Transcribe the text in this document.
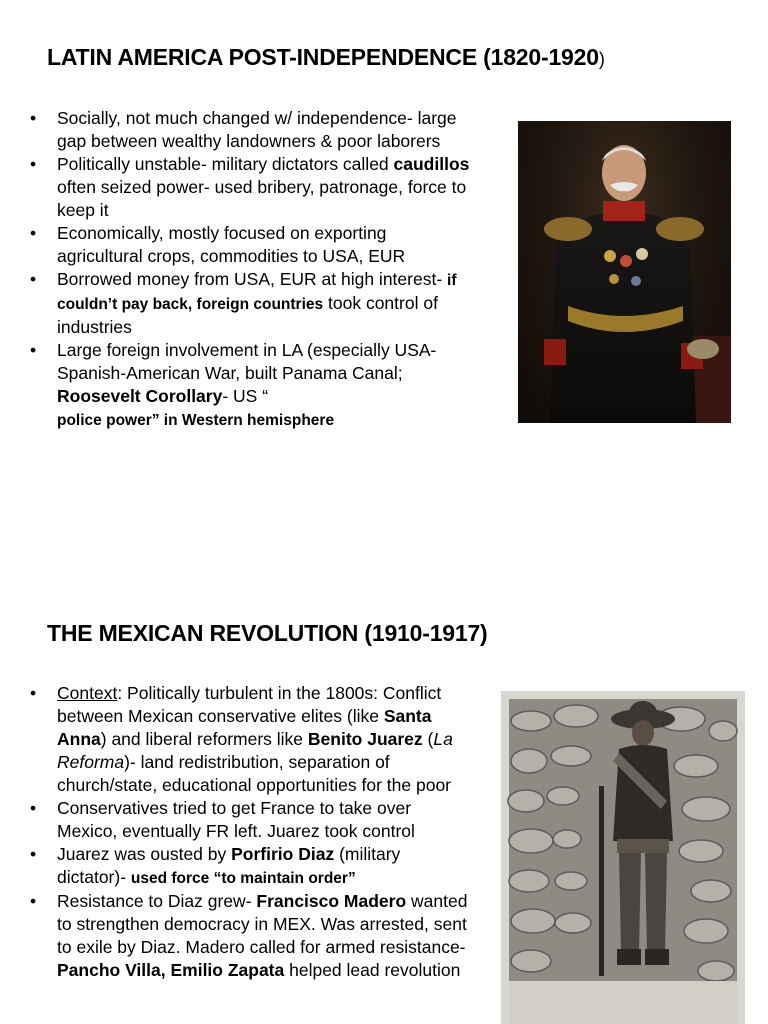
LATIN AMERICA POST-INDEPENDENCE (1820-1920)
• Socially, not much changed w/ independence- large gap between wealthy landowners & poor laborers
• Politically unstable- military dictators called caudillos often seized power- used bribery, patronage, force to keep it
• Economically, mostly focused on exporting agricultural crops, commodities to USA, EUR
• Borrowed money from USA, EUR at high interest- if couldn’t pay back, foreign countries took control of industries
• Large foreign involvement in LA (especially USA- Spanish-American War, built Panama Canal; Roosevelt Corollary- US “
police power” in Western hemisphere
THE MEXICAN REVOLUTION (1910-1917)
• Context: Politically turbulent in the 1800s: Conflict between Mexican conservative elites (like Santa Anna) and liberal reformers like Benito Juarez (La Reforma)- land redistribution, separation of church/state, educational opportunities for the poor
• Conservatives tried to get France to take over Mexico, eventually FR left. Juarez took control
• Juarez was ousted by Porfirio Diaz (military dictator)- used force “to maintain order”
• Resistance to Diaz grew- Francisco Madero wanted to strengthen democracy in MEX. Was arrested, sent to exile by Diaz. Madero called for armed resistance- Pancho Villa, Emilio Zapata helped lead revolution
